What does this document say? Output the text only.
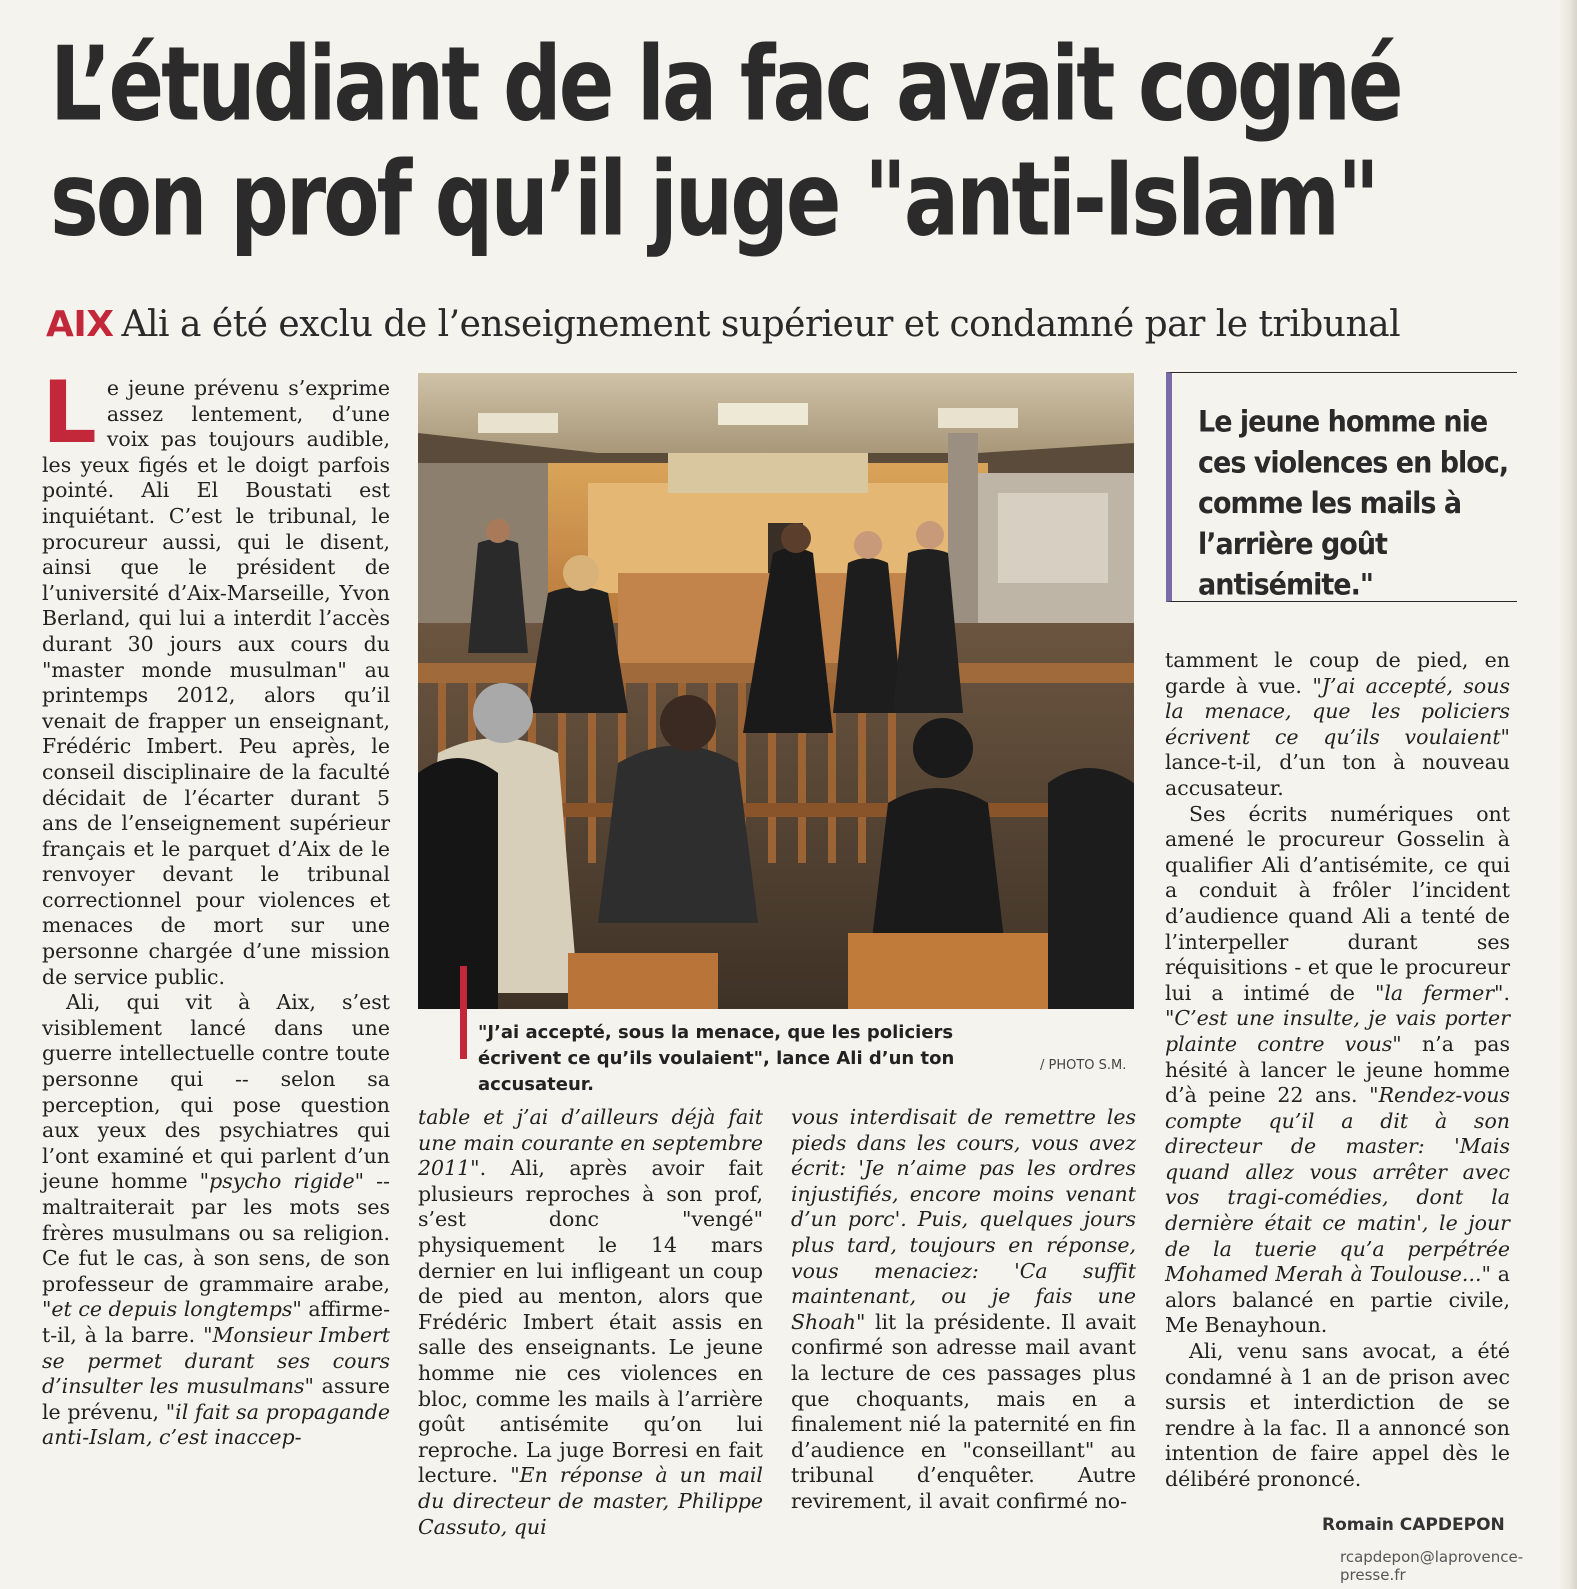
L’étudiant de la fac avait cogné
son prof qu’il juge "anti-Islam"
AIX Ali a été exclu de l’enseignement supérieur et condamné par le tribunal

Le jeune prévenu s’exprime assez lentement, d’une voix pas toujours audible, les yeux figés et le doigt parfois pointé. Ali El Boustati est inquiétant. C’est le tribunal, le procureur aussi, qui le disent, ainsi que le président de l’université d’Aix-Marseille, Yvon Berland, qui lui a interdit l’accès durant 30 jours aux cours du "master monde musulman" au printemps 2012, alors qu’il venait de frapper un enseignant, Frédéric Imbert. Peu après, le conseil disciplinaire de la faculté décidait de l’écarter durant 5 ans de l’enseignement supérieur français et le parquet d’Aix de le renvoyer devant le tribunal correctionnel pour violences et menaces de mort sur une personne chargée d’une mission de service public.

Ali, qui vit à Aix, s’est visiblement lancé dans une guerre intellectuelle contre toute personne qui -- selon sa perception, qui pose question aux yeux des psychiatres qui l’ont examiné et qui parlent d’un jeune homme "psycho rigide" -- maltraiterait par les mots ses frères musulmans ou sa religion. Ce fut le cas, à son sens, de son professeur de grammaire arabe, "et ce depuis longtemps" affirme-t-il, à la barre. "Monsieur Imbert se permet durant ses cours d’insulter les musulmans" assure le prévenu, "il fait sa propagande anti-Islam, c’est inaccep-

"J’ai accepté, sous la menace, que les policiers écrivent ce qu’ils voulaient", lance Ali d’un ton accusateur.
/ PHOTO S.M.
Le jeune homme nie ces violences en bloc, comme les mails à l’arrière goût antisémite."

table et j’ai d’ailleurs déjà fait une main courante en septembre 2011". Ali, après avoir fait plusieurs reproches à son prof, s’est donc "vengé" physiquement le 14 mars dernier en lui infligeant un coup de pied au menton, alors que Frédéric Imbert était assis en salle des enseignants. Le jeune homme nie ces violences en bloc, comme les mails à l’arrière goût antisémite qu’on lui reproche. La juge Borresi en fait lecture. "En réponse à un mail du directeur de master, Philippe Cassuto, qui

vous interdisait de remettre les pieds dans les cours, vous avez écrit: 'Je n’aime pas les ordres injustifiés, encore moins venant d’un porc'. Puis, quelques jours plus tard, toujours en réponse, vous menaciez: 'Ca suffit maintenant, ou je fais une Shoah" lit la présidente. Il avait confirmé son adresse mail avant la lecture de ces passages plus que choquants, mais en a finalement nié la paternité en fin d’audience en "conseillant" au tribunal d’enquêter. Autre revirement, il avait confirmé no-

tamment le coup de pied, en garde à vue. "J’ai accepté, sous la menace, que les policiers écrivent ce qu’ils voulaient" lance-t-il, d’un ton à nouveau accusateur.

Ses écrits numériques ont amené le procureur Gosselin à qualifier Ali d’antisémite, ce qui a conduit à frôler l’incident d’audience quand Ali a tenté de l’interpeller durant ses réquisitions - et que le procureur lui a intimé de "la fermer". "C’est une insulte, je vais porter plainte contre vous" n’a pas hésité à lancer le jeune homme d’à peine 22 ans. "Rendez-vous compte qu’il a dit à son directeur de master: 'Mais quand allez vous arrêter avec vos tragi-comédies, dont la dernière était ce matin', le jour de la tuerie qu’a perpétrée Mohamed Merah à Toulouse..." a alors balancé en partie civile, Me Benayhoun.

Ali, venu sans avocat, a été condamné à 1 an de prison avec sursis et interdiction de se rendre à la fac. Il a annoncé son intention de faire appel dès le délibéré prononcé.

Romain CAPDEPON
rcapdepon@laprovence-presse.fr
